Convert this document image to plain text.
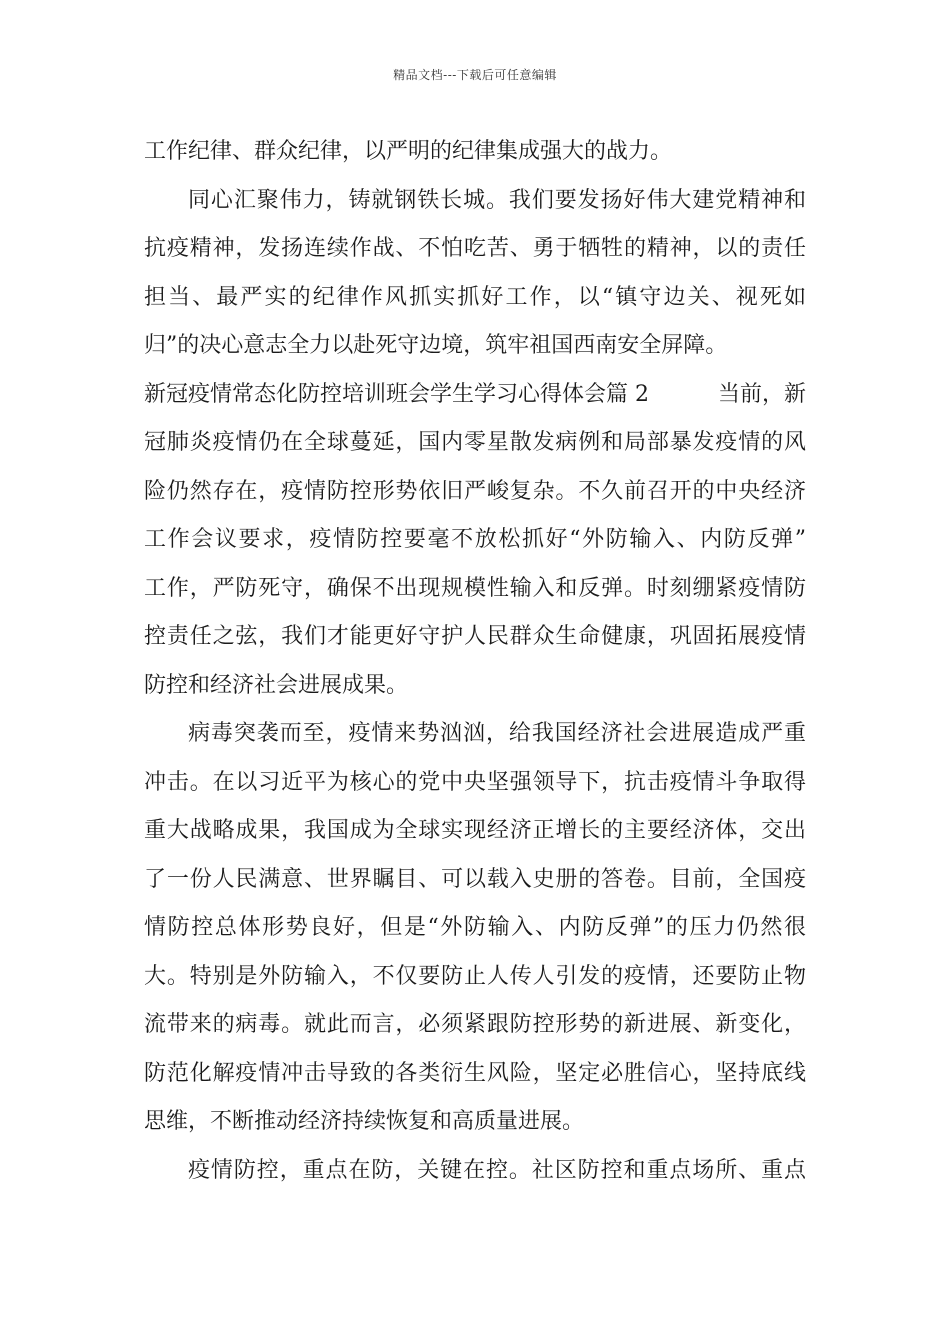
精品文档---下载后可任意编辑
工作纪律、群众纪律，以严明的纪律集成强大的战力。
同心汇聚伟力，铸就钢铁长城。我们要发扬好伟大建党精神和
抗疫精神，发扬连续作战、不怕吃苦、勇于牺牲的精神，以的责任
担当、最严实的纪律作风抓实抓好工作，以“镇守边关、视死如
归”的决心意志全力以赴死守边境，筑牢祖国西南安全屏障。
新冠疫情常态化防控培训班会学生学习心得体会篇 2	当前，新
冠肺炎疫情仍在全球蔓延，国内零星散发病例和局部暴发疫情的风
险仍然存在，疫情防控形势依旧严峻复杂。不久前召开的中央经济
工作会议要求，疫情防控要毫不放松抓好“外防输入、内防反弹”
工作，严防死守，确保不出现规模性输入和反弹。时刻绷紧疫情防
控责任之弦，我们才能更好守护人民群众生命健康，巩固拓展疫情
防控和经济社会进展成果。
病毒突袭而至，疫情来势汹汹，给我国经济社会进展造成严重
冲击。在以习近平为核心的党中央坚强领导下，抗击疫情斗争取得
重大战略成果，我国成为全球实现经济正增长的主要经济体，交出
了一份人民满意、世界瞩目、可以载入史册的答卷。目前，全国疫
情防控总体形势良好，但是“外防输入、内防反弹”的压力仍然很
大。特别是外防输入，不仅要防止人传人引发的疫情，还要防止物
流带来的病毒。就此而言，必须紧跟防控形势的新进展、新变化，
防范化解疫情冲击导致的各类衍生风险，坚定必胜信心，坚持底线
思维，不断推动经济持续恢复和高质量进展。
疫情防控，重点在防，关键在控。社区防控和重点场所、重点
